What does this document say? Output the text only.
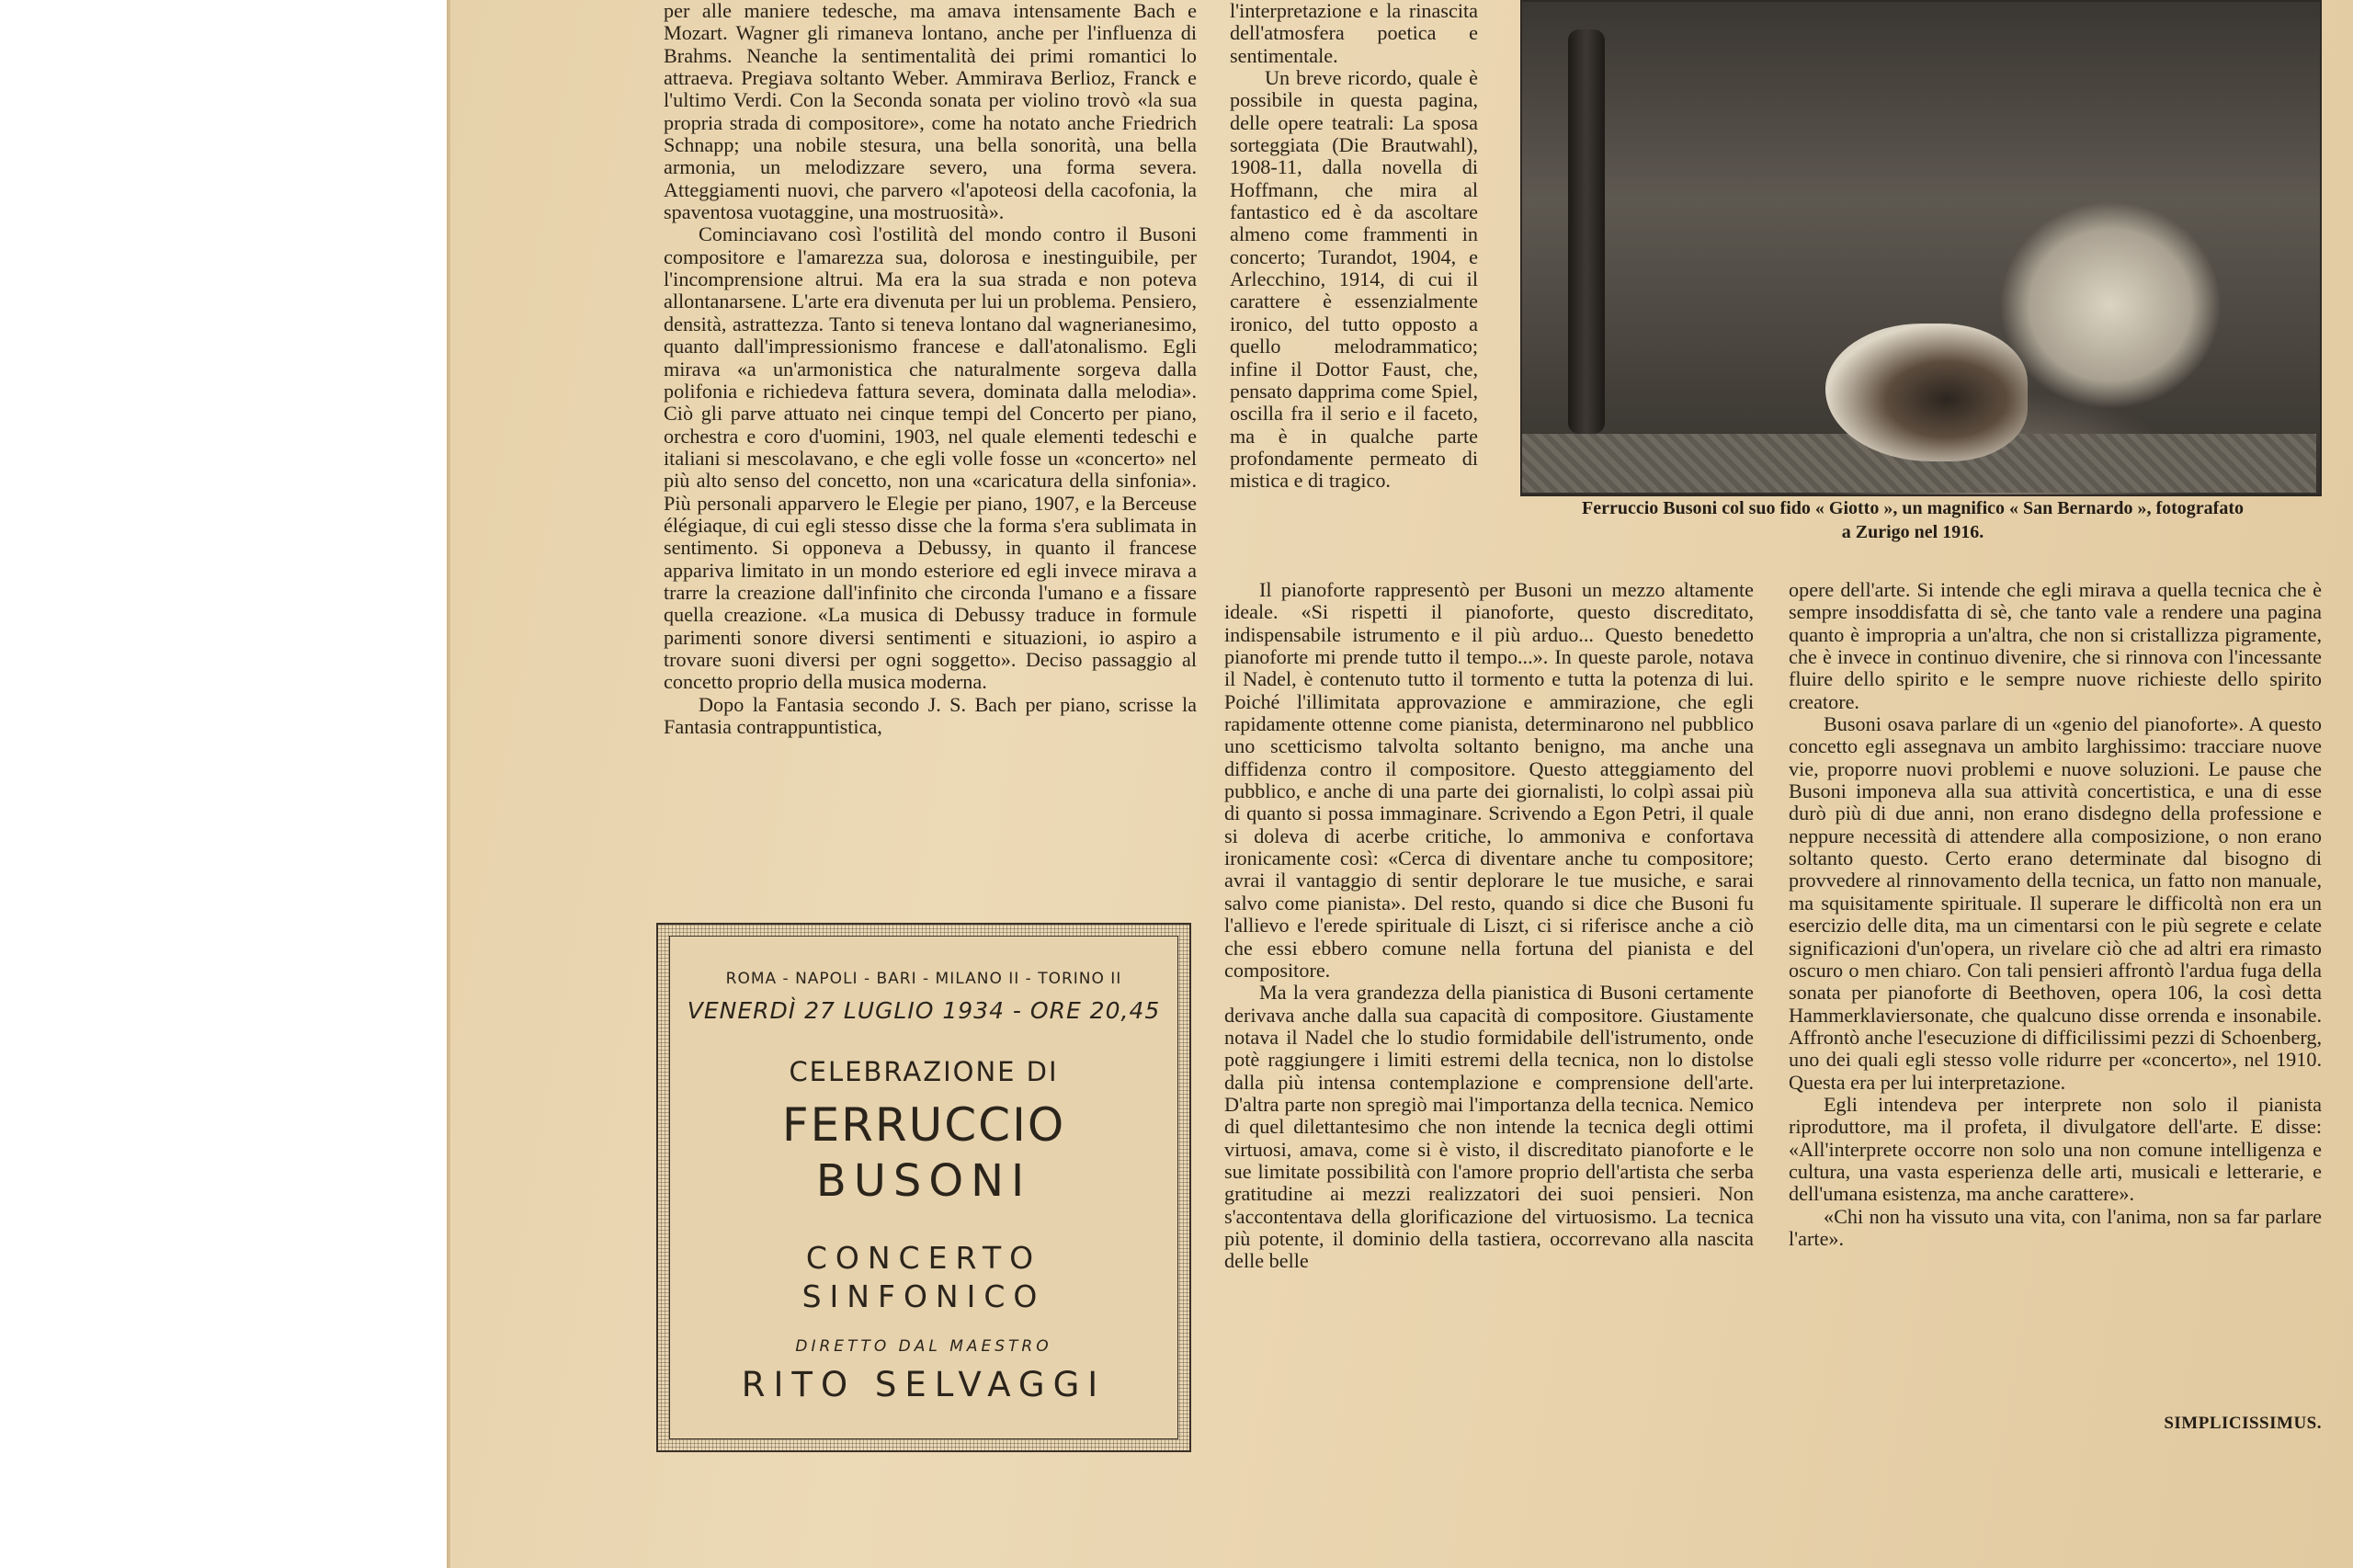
per alle maniere tedesche, ma amava intensamente Bach e Mozart. Wagner gli rimaneva lontano, anche per l'influenza di Brahms. Neanche la sentimentalità dei primi romantici lo attraeva. Pregiava soltanto Weber. Ammirava Berlioz, Franck e l'ultimo Verdi. Con la Seconda sonata per violino trovò «la sua propria strada di compositore», come ha notato anche Friedrich Schnapp; una nobile stesura, una bella sonorità, una bella armonia, un melodizzare severo, una forma severa. Atteggiamenti nuovi, che parvero «l'apoteosi della cacofonia, la spaventosa vuotaggine, una mostruosità».

Cominciavano così l'ostilità del mondo contro il Busoni compositore e l'amarezza sua, dolorosa e inestinguibile, per l'incomprensione altrui. Ma era la sua strada e non poteva allontanarsene. L'arte era divenuta per lui un problema. Pensiero, densità, astrattezza. Tanto si teneva lontano dal wagnerianesimo, quanto dall'impressionismo francese e dall'atonalismo. Egli mirava «a un'armonistica che naturalmente sorgeva dalla polifonia e richiedeva fattura severa, dominata dalla melodia». Ciò gli parve attuato nei cinque tempi del Concerto per piano, orchestra e coro d'uomini, 1903, nel quale elementi tedeschi e italiani si mescolavano, e che egli volle fosse un «concerto» nel più alto senso del concetto, non una «caricatura della sinfonia». Più personali apparvero le Elegie per piano, 1907, e la Berceuse élégiaque, di cui egli stesso disse che la forma s'era sublimata in sentimento. Si opponeva a Debussy, in quanto il francese appariva limitato in un mondo esteriore ed egli invece mirava a trarre la creazione dall'infinito che circonda l'umano e a fissare quella creazione. «La musica di Debussy traduce in formule parimenti sonore diversi sentimenti e situazioni, io aspiro a trovare suoni diversi per ogni soggetto». Deciso passaggio al concetto proprio della musica moderna.

Dopo la Fantasia secondo J. S. Bach per piano, scrisse la Fantasia contrappuntistica,

Ferruccio Busoni col suo fido « Giotto », un magnifico « San Bernardo », fotografato
a Zurigo nel 1916.

l'interpretazione e la rinascita dell'atmosfera poetica e sentimentale.

Un breve ricordo, quale è possibile in questa pagina, delle opere teatrali: La sposa sorteggiata (Die Brautwahl), 1908-11, dalla novella di Hoffmann, che mira al fantastico ed è da ascoltare almeno come frammenti in concerto; Turandot, 1904, e Arlecchino, 1914, di cui il carattere è essenzialmente ironico, del tutto opposto a quello melodrammatico; infine il Dottor Faust, che, pensato dapprima come Spiel, oscilla fra il serio e il faceto, ma è in qualche parte profondamente permeato di mistica e di tragico.

Il pianoforte rappresentò per Busoni un mezzo altamente ideale. «Si rispetti il pianoforte, questo discreditato, indispensabile istrumento e il più arduo... Questo benedetto pianoforte mi prende tutto il tempo...». In queste parole, notava il Nadel, è contenuto tutto il tormento e tutta la potenza di lui. Poiché l'illimitata approvazione e ammirazione, che egli rapidamente ottenne come pianista, determinarono nel pubblico uno scetticismo talvolta soltanto benigno, ma anche una diffidenza contro il compositore. Questo atteggiamento del pubblico, e anche di una parte dei giornalisti, lo colpì assai più di quanto si possa immaginare. Scrivendo a Egon Petri, il quale si doleva di acerbe critiche, lo ammoniva e confortava ironicamente così: «Cerca di diventare anche tu compositore; avrai il vantaggio di sentir deplorare le tue musiche, e sarai salvo come pianista». Del resto, quando si dice che Busoni fu l'allievo e l'erede spirituale di Liszt, ci si riferisce anche a ciò che essi ebbero comune nella fortuna del pianista e del compositore.

Ma la vera grandezza della pianistica di Busoni certamente derivava anche dalla sua capacità di compositore. Giustamente notava il Nadel che lo studio formidabile dell'istrumento, onde potè raggiungere i limiti estremi della tecnica, non lo distolse dalla più intensa contemplazione e comprensione dell'arte. D'altra parte non spregiò mai l'importanza della tecnica. Nemico di quel dilettantesimo che non intende la tecnica degli ottimi virtuosi, amava, come si è visto, il discreditato pianoforte e le sue limitate possibilità con l'amore proprio dell'artista che serba gratitudine ai mezzi realizzatori dei suoi pensieri. Non s'accontentava della glorificazione del virtuosismo. La tecnica più potente, il dominio della tastiera, occorrevano alla nascita delle belle

opere dell'arte. Si intende che egli mirava a quella tecnica che è sempre insoddisfatta di sè, che tanto vale a rendere una pagina quanto è impropria a un'altra, che non si cristallizza pigramente, che è invece in continuo divenire, che si rinnova con l'incessante fluire dello spirito e le sempre nuove richieste dello spirito creatore.

Busoni osava parlare di un «genio del pianoforte». A questo concetto egli assegnava un ambito larghissimo: tracciare nuove vie, proporre nuovi problemi e nuove soluzioni. Le pause che Busoni imponeva alla sua attività concertistica, e una di esse durò più di due anni, non erano disdegno della professione e neppure necessità di attendere alla composizione, o non erano soltanto questo. Certo erano determinate dal bisogno di provvedere al rinnovamento della tecnica, un fatto non manuale, ma squisitamente spirituale. Il superare le difficoltà non era un esercizio delle dita, ma un cimentarsi con le più segrete e celate significazioni d'un'opera, un rivelare ciò che ad altri era rimasto oscuro o men chiaro. Con tali pensieri affrontò l'ardua fuga della sonata per pianoforte di Beethoven, opera 106, la così detta Hammerklaviersonate, che qualcuno disse orrenda e insonabile. Affrontò anche l'esecuzione di difficilissimi pezzi di Schoenberg, uno dei quali egli stesso volle ridurre per «concerto», nel 1910. Questa era per lui interpretazione.

Egli intendeva per interprete non solo il pianista riproduttore, ma il profeta, il divulgatore dell'arte. E disse: «All'interprete occorre non solo una non comune intelligenza e cultura, una vasta esperienza delle arti, musicali e letterarie, e dell'umana esistenza, ma anche carattere».

«Chi non ha vissuto una vita, con l'anima, non sa far parlare l'arte».

SIMPLICISSIMUS.
ROMA - NAPOLI - BARI - MILANO II - TORINO II
VENERDÌ 27 LUGLIO 1934 - ORE 20,45
CELEBRAZIONE DI
FERRUCCIO
BUSONI
CONCERTO
SINFONICO
DIRETTO DAL MAESTRO
RITO SELVAGGI
